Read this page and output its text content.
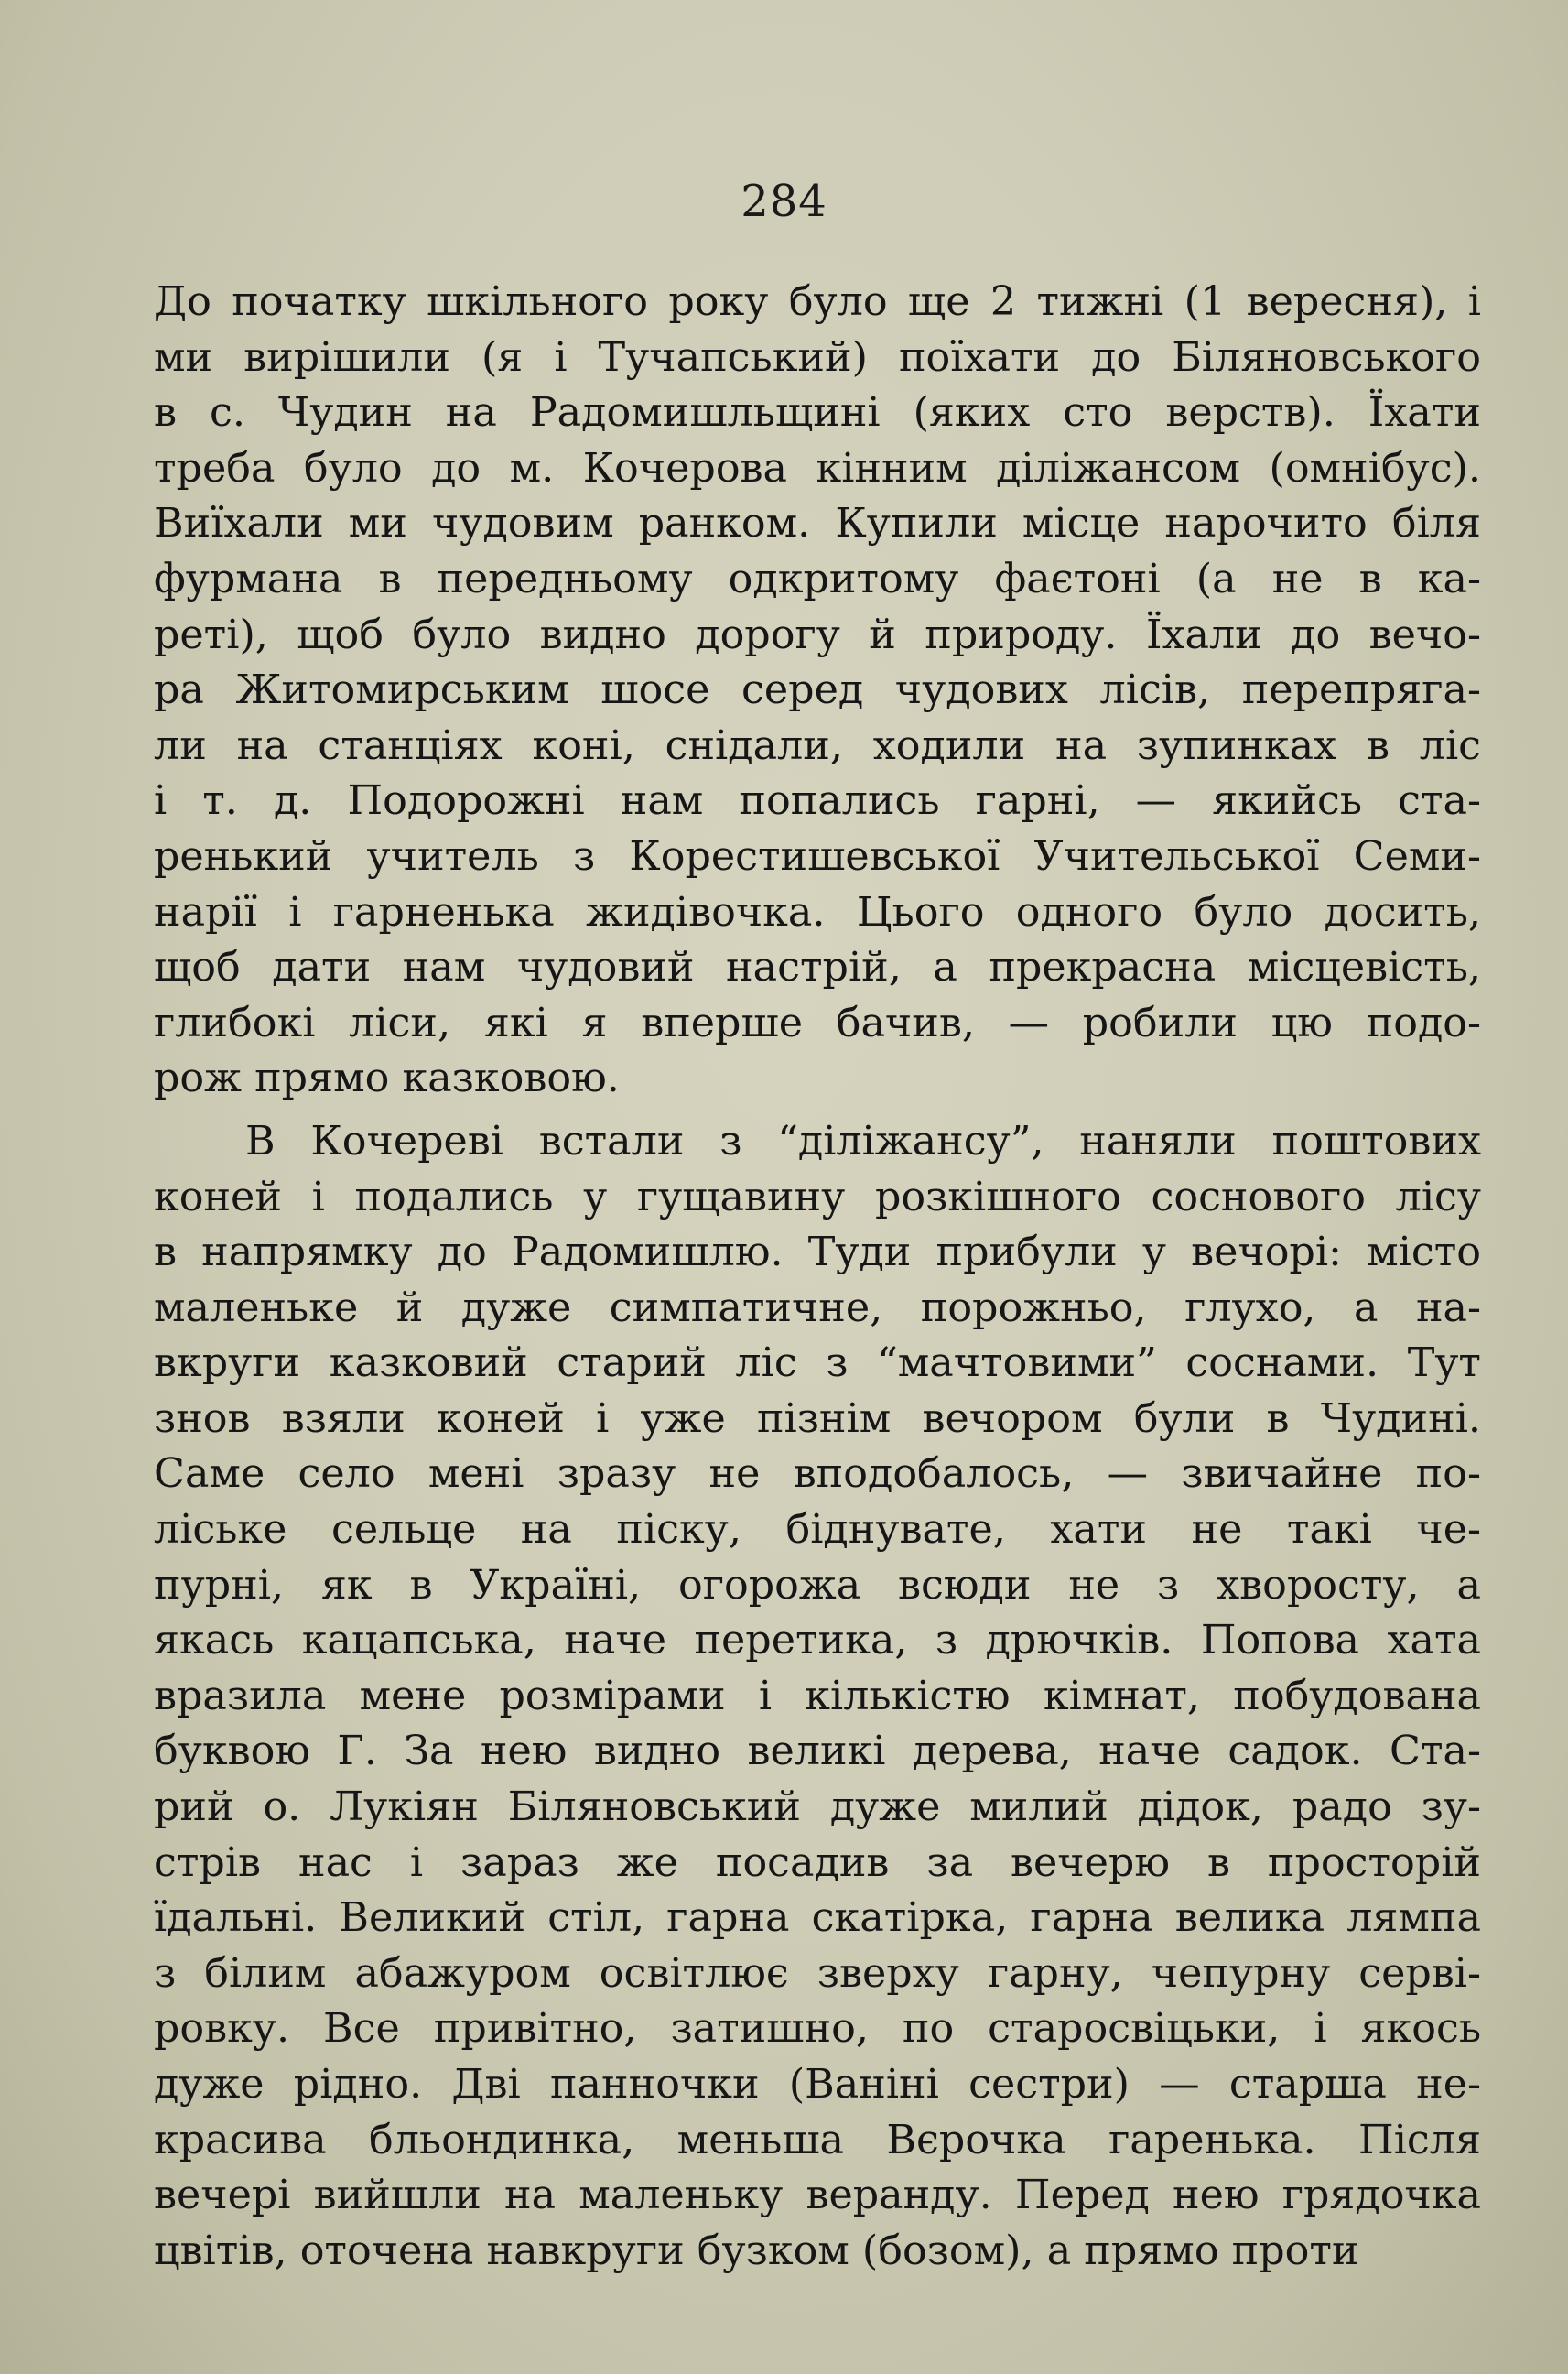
284
До початку шкільного року було ще 2 тижні (1 вересня), і
ми вирішили (я і Тучапський) поїхати до Біляновського
в с. Чудин на Радомишльщині (яких сто верств). Їхати
треба було до м. Кочерова кінним діліжансом (омнібус).
Виїхали ми чудовим ранком. Купили місце нарочито біля
фурмана в передньому одкритому фаєтоні (а не в ка-
реті), щоб було видно дорогу й природу. Їхали до вечо-
ра Житомирським шосе серед чудових лісів, перепряга-
ли на станціях коні, снідали, ходили на зупинках в ліс
і т. д. Подорожні нам попались гарні, — якийсь ста-
ренький учитель з Корестишевської Учительської Семи-
нарії і гарненька жидівочка. Цього одного було досить,
щоб дати нам чудовий настрій, а прекрасна місцевість,
глибокі ліси, які я вперше бачив, — робили цю подо-
рож прямо казковою.
В Кочереві встали з “діліжансу”, наняли поштових
коней і подались у гущавину розкішного соснового лісу
в напрямку до Радомишлю. Туди прибули у вечорі: місто
маленьке й дуже симпатичне, порожньо, глухо, а на-
вкруги казковий старий ліс з “мачтовими” соснами. Тут
знов взяли коней і уже пізнім вечором були в Чудині.
Саме село мені зразу не вподобалось, — звичайне по-
ліське сельце на піску, біднувате, хати не такі че-
пурні, як в Україні, огорожа всюди не з хворосту, а
якась кацапська, наче перетика, з дрючків. Попова хата
вразила мене розмірами і кількістю кімнат, побудована
буквою Г. За нею видно великі дерева, наче садок. Ста-
рий о. Лукіян Біляновський дуже милий дідок, радо зу-
стрів нас і зараз же посадив за вечерю в просторій
їдальні. Великий стіл, гарна скатірка, гарна велика лямпа
з білим абажуром освітлює зверху гарну, чепурну серві-
ровку. Все привітно, затишно, по старосвіцьки, і якось
дуже рідно. Дві панночки (Ваніні сестри) — старша не-
красива бльондинка, меньша Вєрочка гаренька. Після
вечері вийшли на маленьку веранду. Перед нею грядочка
цвітів, оточена навкруги бузком (бозом), а прямо проти
